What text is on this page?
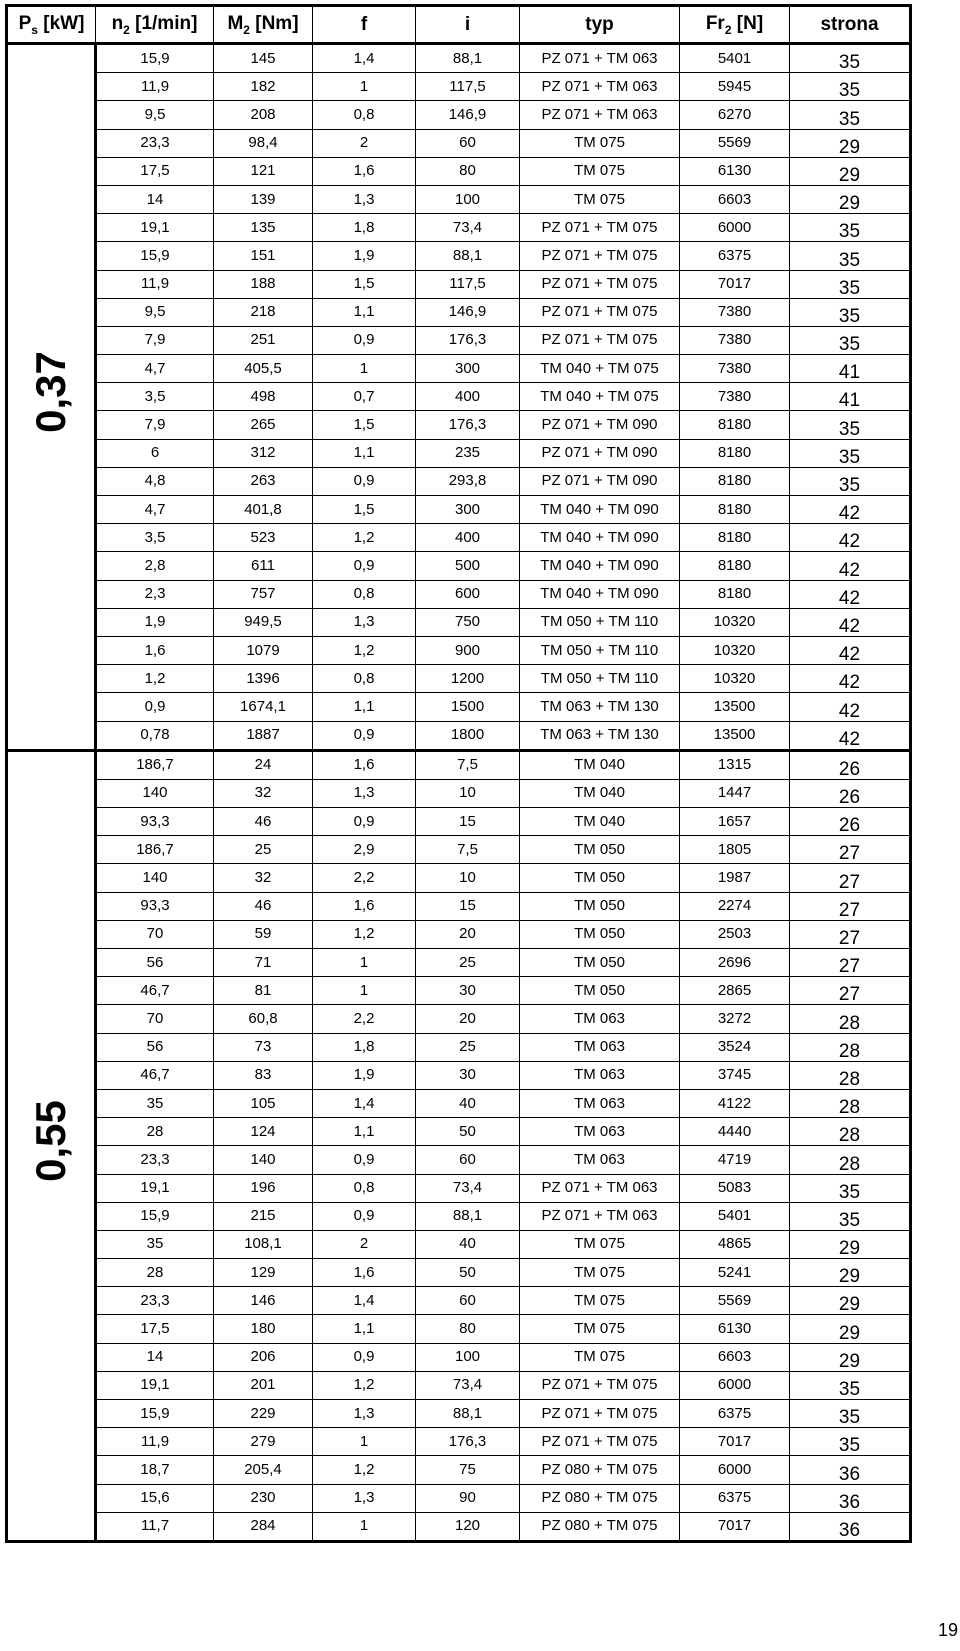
$P_s$ [kW]	$n_2$ [1/min]	$M_2$ [Nm]	f	i	typ	$Fr_2$ [N]	strona
0,37	15,9	145	1,4	88,1	PZ 071 + TM 063	5401	35
	11,9	182	1	117,5	PZ 071 + TM 063	5945	35
	9,5	208	0,8	146,9	PZ 071 + TM 063	6270	35
	23,3	98,4	2	60	TM 075	5569	29
	17,5	121	1,6	80	TM 075	6130	29
	14	139	1,3	100	TM 075	6603	29
	19,1	135	1,8	73,4	PZ 071 + TM 075	6000	35
	15,9	151	1,9	88,1	PZ 071 + TM 075	6375	35
	11,9	188	1,5	117,5	PZ 071 + TM 075	7017	35
	9,5	218	1,1	146,9	PZ 071 + TM 075	7380	35
	7,9	251	0,9	176,3	PZ 071 + TM 075	7380	35
	4,7	405,5	1	300	TM 040 + TM 075	7380	41
	3,5	498	0,7	400	TM 040 + TM 075	7380	41
	7,9	265	1,5	176,3	PZ 071 + TM 090	8180	35
	6	312	1,1	235	PZ 071 + TM 090	8180	35
	4,8	263	0,9	293,8	PZ 071 + TM 090	8180	35
	4,7	401,8	1,5	300	TM 040 + TM 090	8180	42
	3,5	523	1,2	400	TM 040 + TM 090	8180	42
	2,8	611	0,9	500	TM 040 + TM 090	8180	42
	2,3	757	0,8	600	TM 040 + TM 090	8180	42
	1,9	949,5	1,3	750	TM 050 + TM 110	10320	42
	1,6	1079	1,2	900	TM 050 + TM 110	10320	42
	1,2	1396	0,8	1200	TM 050 + TM 110	10320	42
	0,9	1674,1	1,1	1500	TM 063 + TM 130	13500	42
	0,78	1887	0,9	1800	TM 063 + TM 130	13500	42
0,55	186,7	24	1,6	7,5	TM 040	1315	26
	140	32	1,3	10	TM 040	1447	26
	93,3	46	0,9	15	TM 040	1657	26
	186,7	25	2,9	7,5	TM 050	1805	27
	140	32	2,2	10	TM 050	1987	27
	93,3	46	1,6	15	TM 050	2274	27
	70	59	1,2	20	TM 050	2503	27
	56	71	1	25	TM 050	2696	27
	46,7	81	1	30	TM 050	2865	27
	70	60,8	2,2	20	TM 063	3272	28
	56	73	1,8	25	TM 063	3524	28
	46,7	83	1,9	30	TM 063	3745	28
	35	105	1,4	40	TM 063	4122	28
	28	124	1,1	50	TM 063	4440	28
	23,3	140	0,9	60	TM 063	4719	28
	19,1	196	0,8	73,4	PZ 071 + TM 063	5083	35
	15,9	215	0,9	88,1	PZ 071 + TM 063	5401	35
	35	108,1	2	40	TM 075	4865	29
	28	129	1,6	50	TM 075	5241	29
	23,3	146	1,4	60	TM 075	5569	29
	17,5	180	1,1	80	TM 075	6130	29
	14	206	0,9	100	TM 075	6603	29
	19,1	201	1,2	73,4	PZ 071 + TM 075	6000	35
	15,9	229	1,3	88,1	PZ 071 + TM 075	6375	35
	11,9	279	1	176,3	PZ 071 + TM 075	7017	35
	18,7	205,4	1,2	75	PZ 080 + TM 075	6000	36
	15,6	230	1,3	90	PZ 080 + TM 075	6375	36
	11,7	284	1	120	PZ 080 + TM 075	7017	36
19
